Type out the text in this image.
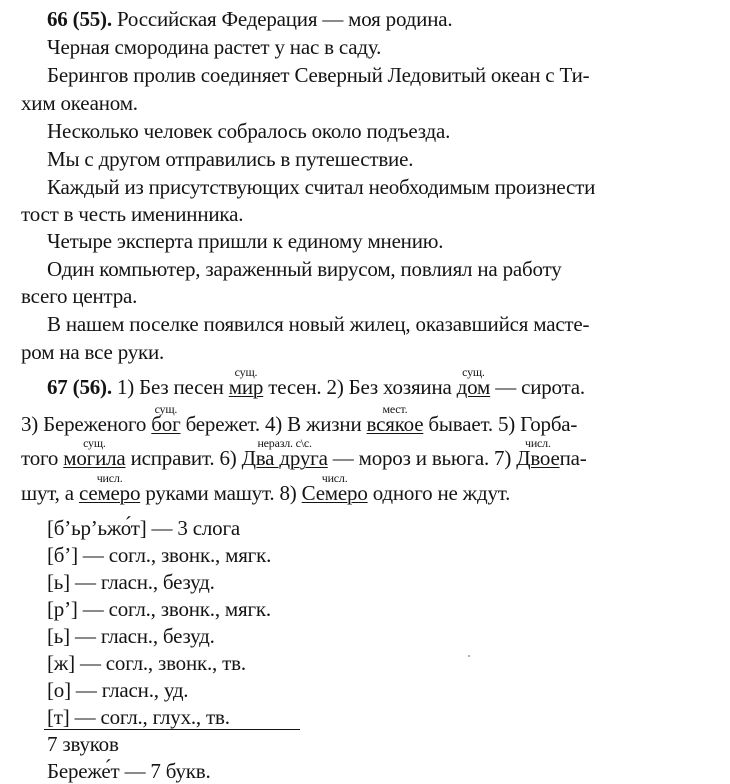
66 (55). Российская Федерация — моя родина.
Черная смородина растет у нас в саду.
Берингов пролив соединяет Северный Ледовитый океан с Ти-
хим океаном.
Несколько человек собралось около подъезда.
Мы с другом отправились в путешествие.
Каждый из присутствующих считал необходимым произнести
тост в честь именинника.
Четыре эксперта пришли к единому мнению.
Один компьютер, зараженный вирусом, повлиял на работу
всего центра.
В нашем поселке появился новый жилец, оказавшийся масте-
ром на все руки.
67 (56). 1) Без песен
сущ.
мир тесен. 2) Без хозяина
сущ.
дом — сирота.
3) Береженого
сущ.
бог бережет. 4) В жизни
мест.
всякое бывает. 5) Горба-
того
сущ.
могила исправит. 6)
неразл. с\с.
Два друга — мороз и вьюга. 7)
числ.
Двоепа-
шут, а
числ.
семеро руками машут. 8)
числ.
Семеро одного не ждут.
[б’ьр’ьжо́т] — 3 слога
[б’] — согл., звонк., мягк.
[ь] — гласн., безуд.
[р’] — согл., звонк., мягк.
[ь] — гласн., безуд.
[ж] — согл., звонк., тв.
[о] — гласн., уд.
[т] — согл., глух., тв.
7 звуков
Береже́т — 7 букв.
